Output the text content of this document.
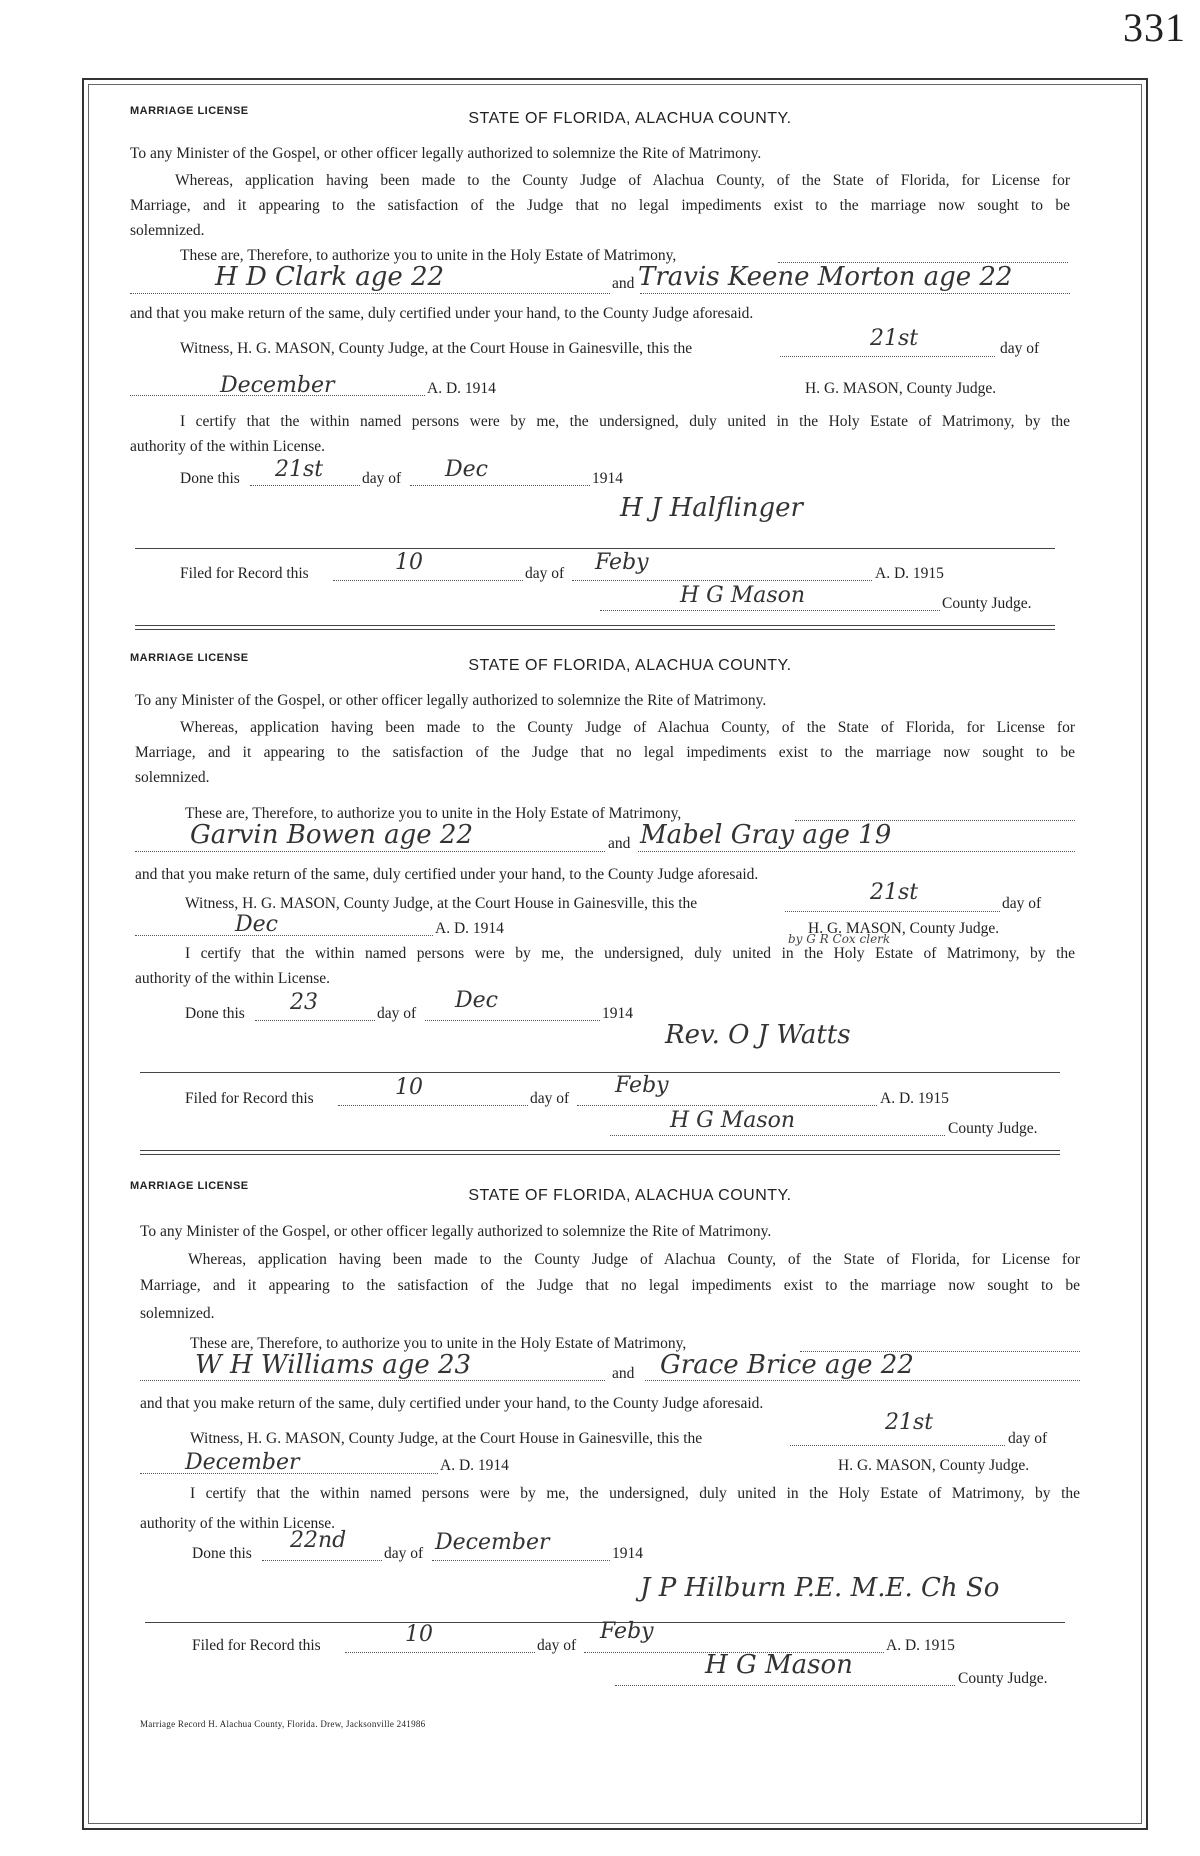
331
MARRIAGE LICENSE	STATE OF FLORIDA, ALACHUA COUNTY.
To any Minister of the Gospel, or other officer legally authorized to solemnize the Rite of Matrimony.
Whereas, application having been made to the County Judge of Alachua County, of the State of Florida, for License for
Marriage, and it appearing to the satisfaction of the Judge that no legal impediments exist to the marriage now sought to be
solemnized.
These are, Therefore, to authorize you to unite in the Holy Estate of Matrimony,
H D Clark age 22	and Travis Keene Morton age 22
and that you make return of the same, duly certified under your hand, to the County Judge aforesaid.
Witness, H. G. MASON, County Judge, at the Court House in Gainesville, this the	21st	day of
December	A. D. 1914	H. G. MASON, County Judge.
I certify that the within named persons were by me, the undersigned, duly united in the Holy Estate of Matrimony, by the
authority of the within License.
Done this 21st	day of Dec	1914
H J Halflinger
Filed for Record this	10	day of Feby	A. D. 1915
H G Mason	County Judge.
MARRIAGE LICENSE	STATE OF FLORIDA, ALACHUA COUNTY.
To any Minister of the Gospel, or other officer legally authorized to solemnize the Rite of Matrimony.
Whereas, application having been made to the County Judge of Alachua County, of the State of Florida, for License for
Marriage, and it appearing to the satisfaction of the Judge that no legal impediments exist to the marriage now sought to be
solemnized.
These are, Therefore, to authorize you to unite in the Holy Estate of Matrimony,
Garvin Bowen age 22	and Mabel Gray age 19
and that you make return of the same, duly certified under your hand, to the County Judge aforesaid.
Witness, H. G. MASON, County Judge, at the Court House in Gainesville, this the	21st	day of
Dec	A. D. 1914	H. G. MASON, County Judge.
by G R Cox clerk
I certify that the within named persons were by me, the undersigned, duly united in the Holy Estate of Matrimony, by the
authority of the within License.
Done this 23	day of
Dec
1914
Rev. O J Watts
Filed for Record this	10	day of
Feby
A. D. 1915
H G Mason	County Judge.
MARRIAGE LICENSE
STATE OF FLORIDA, ALACHUA COUNTY.
To any Minister of the Gospel, or other officer legally authorized to solemnize the Rite of Matrimony.
Whereas, application having been made to the County Judge of Alachua County, of the State of Florida, for License for
Marriage, and it appearing to the satisfaction of the Judge that no legal impediments exist to the marriage now sought to be
solemnized.
These are, Therefore, to authorize you to unite in the Holy Estate of Matrimony,
W H Williams age 23	and Grace Brice age 22
and that you make return of the same, duly certified under your hand, to the County Judge aforesaid.
Witness, H. G. MASON, County Judge, at the Court House in Gainesville, this the
21st
day of
December	A. D. 1914	H. G. MASON, County Judge.
I certify that the within named persons were by me, the undersigned, duly united in the Holy Estate of Matrimony, by the
authority of the within License.
Done this
22nd
day of December	1914
J P Hilburn P.E. M.E. Ch So
Filed for Record this	10	day of
Feby
A. D. 1915
H G Mason	County Judge.
Marriage Record H. Alachua County, Florida. Drew, Jacksonville 241986
